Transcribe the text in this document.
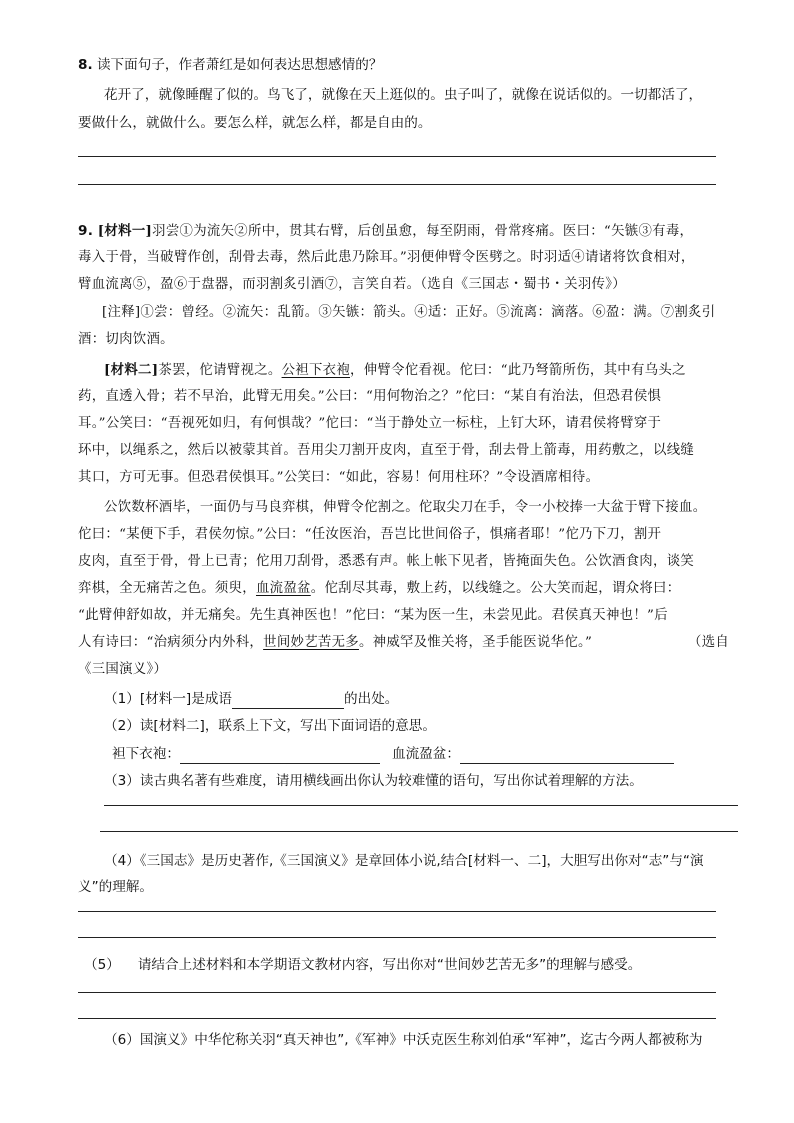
8. 读下面句子，作者萧红是如何表达思想感情的？
花开了，就像睡醒了似的。鸟飞了，就像在天上逛似的。虫子叫了，就像在说话似的。一切都活了，
要做什么，就做什么。要怎么样，就怎么样，都是自由的。
9. [材料一]羽尝①为流矢②所中，贯其右臂，后创虽愈，每至阴雨，骨常疼痛。医曰：“矢镞③有毒，
毒入于骨，当破臂作创，刮骨去毒，然后此患乃除耳。”羽便伸臂令医劈之。时羽适④请诸将饮食相对，
臂血流离⑤，盈⑥于盘器，而羽割炙引酒⑦，言笑自若。（选自《三国志・蜀书・关羽传》）
[注释]①尝：曾经。②流矢：乱箭。③矢镞：箭头。④适：正好。⑤流离：滴落。⑥盈：满。⑦割炙引
酒：切肉饮酒。
[材料二]茶罢，佗请臂视之。公袒下衣袍，伸臂令佗看视。佗曰：“此乃弩箭所伤，其中有乌头之
药，直透入骨；若不早治，此臂无用矣。”公曰：“用何物治之？”佗曰：“某自有治法，但恐君侯惧
耳。”公笑曰：“吾视死如归，有何惧哉？”佗曰：“当于静处立一标柱，上钉大环，请君侯将臂穿于
环中，以绳系之，然后以被蒙其首。吾用尖刀割开皮肉，直至于骨，刮去骨上箭毒，用药敷之，以线缝
其口，方可无事。但恐君侯惧耳。”公笑曰：“如此，容易！何用柱环？”令设酒席相待。
公饮数杯酒毕，一面仍与马良弈棋，伸臂令佗割之。佗取尖刀在手，令一小校捧一大盆于臂下接血。
佗曰：“某便下手，君侯勿惊。”公曰：“任汝医治，吾岂比世间俗子，惧痛者耶！”佗乃下刀，割开
皮肉，直至于骨，骨上已青；佗用刀刮骨，悉悉有声。帐上帐下见者，皆掩面失色。公饮酒食肉，谈笑
弈棋，全无痛苦之色。须臾，血流盈盆。佗刮尽其毒，敷上药，以线缝之。公大笑而起，谓众将曰：
“此臂伸舒如故，并无痛矣。先生真神医也！”佗曰：“某为医一生，未尝见此。君侯真天神也！”后
人有诗曰：“治病须分内外科，世间妙艺苦无多。神威罕及惟关将，圣手能医说华佗。”	（选自
《三国演义》）
（1）[材料一]是成语	的出处。
（2）读[材料二]，联系上下文，写出下面词语的意思。
袒下衣袍：	血流盈盆：
（3）读古典名著有些难度，请用横线画出你认为较难懂的语句，写出你试着理解的方法。
（4）《三国志》是历史著作,《三国演义》是章回体小说,结合[材料一、二]，大胆写出你对“志”与“演
义”的理解。
（5） 请结合上述材料和本学期语文教材内容，写出你对“世间妙艺苦无多”的理解与感受。
（6）国演义》中华佗称关羽“真天神也”,《军神》中沃克医生称刘伯承“军神”，迄古今两人都被称为
